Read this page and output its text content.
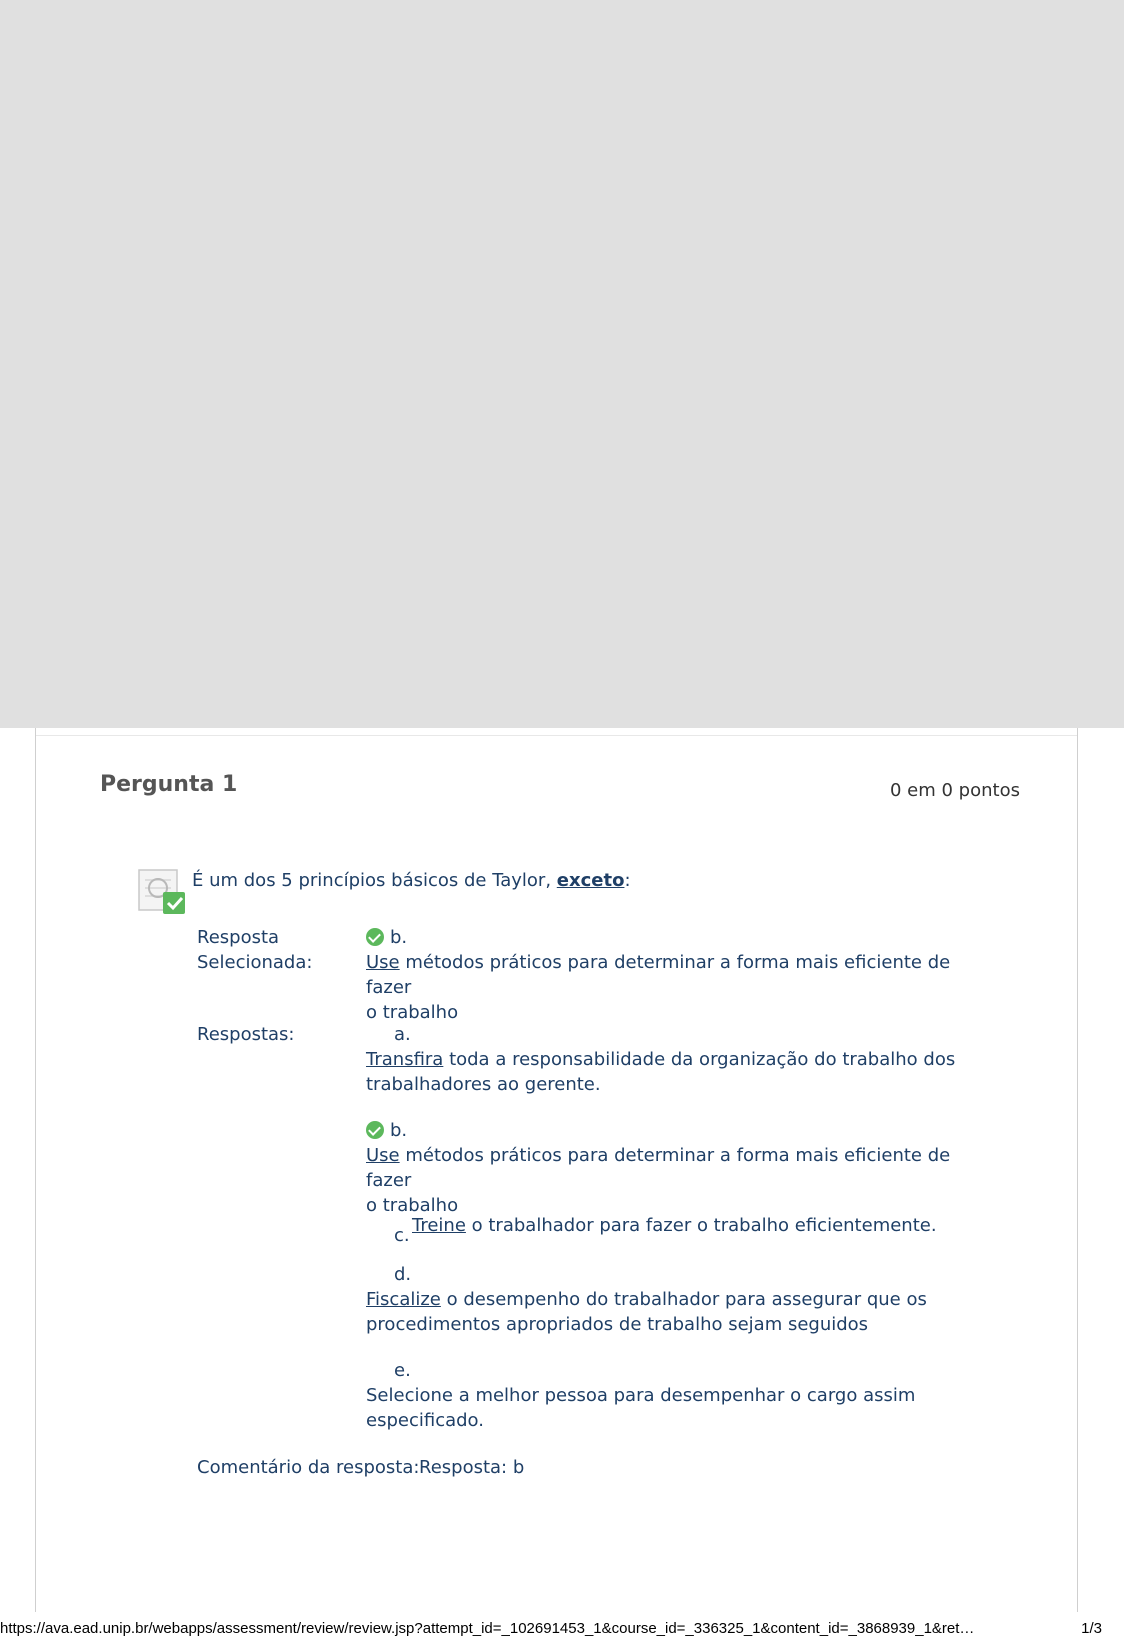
Pergunta 1	0 em 0 pontos
É um dos 5 princípios básicos de Taylor, exceto:
Resposta
Selecionada:
b.
Use métodos práticos para determinar a forma mais eficiente de fazer
o trabalho
Respostas:	a.
Transfira toda a responsabilidade da organização do trabalho dos
trabalhadores ao gerente.
b.
Use métodos práticos para determinar a forma mais eficiente de fazer
o trabalho
c. Treine o trabalhador para fazer o trabalho eficientemente.
d.
Fiscalize o desempenho do trabalhador para assegurar que os
procedimentos apropriados de trabalho sejam seguidos
e.
Selecione a melhor pessoa para desempenhar o cargo assim
especificado.
Comentário da resposta: Resposta: b
https://ava.ead.unip.br/webapps/assessment/review/review.jsp?attempt_id=_102691453_1&course_id=_336325_1&content_id=_3868939_1&ret…	1/3
